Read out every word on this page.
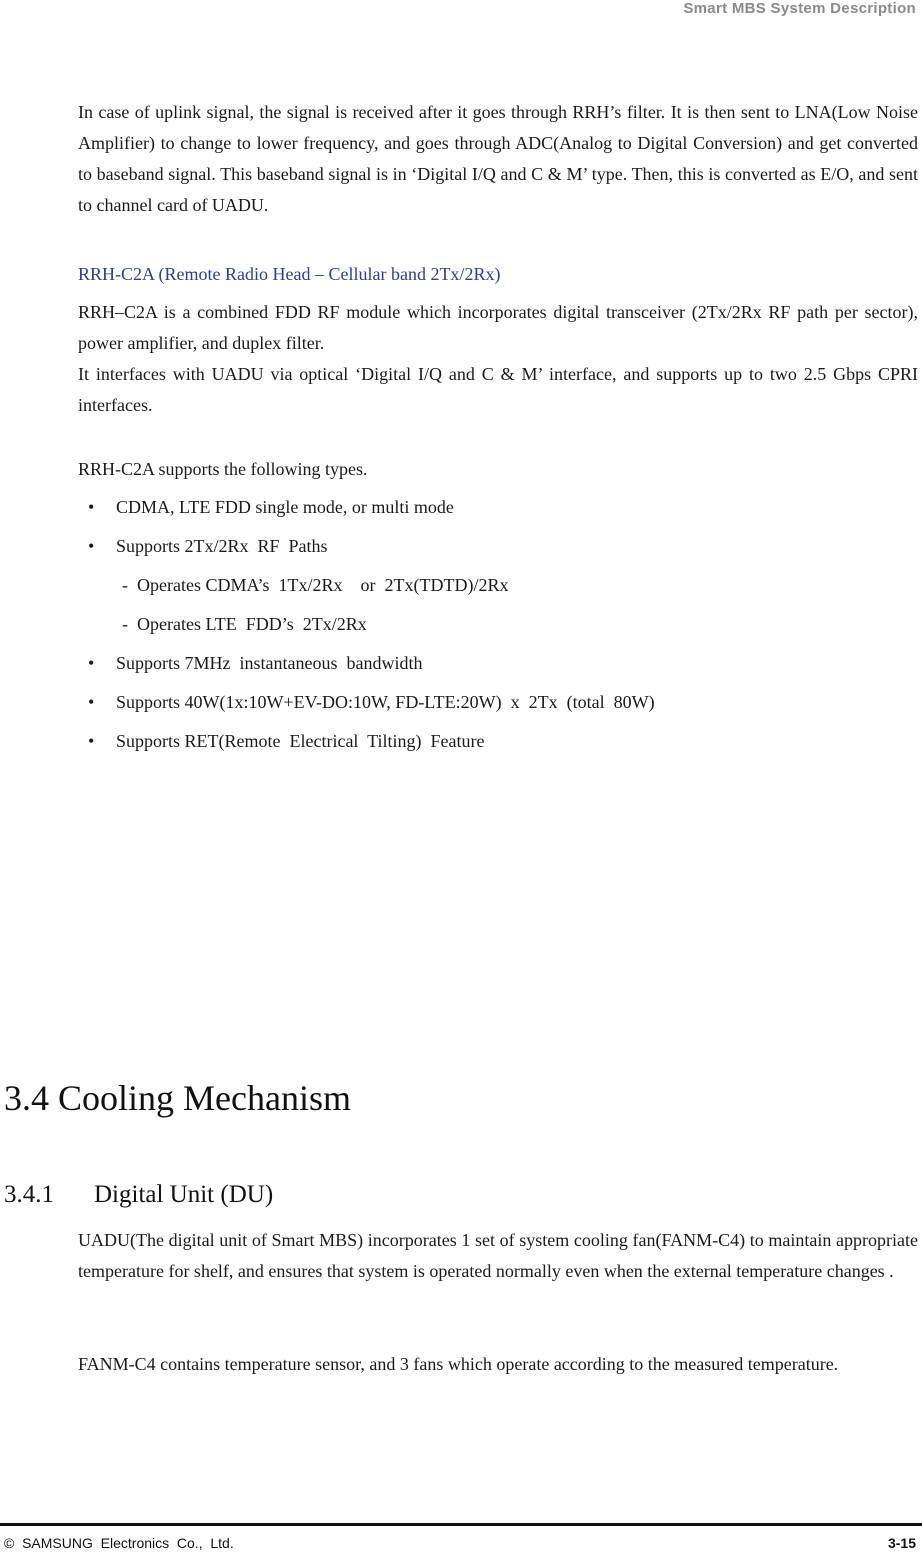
Smart MBS System Description
In case of uplink signal, the signal is received after it goes through RRH’s filter. It is then sent to LNA(Low Noise Amplifier) to change to lower frequency, and goes through ADC(Analog to Digital Conversion) and get converted to baseband signal. This baseband signal is in ‘Digital I/Q and C & M’ type. Then, this is converted as E/O, and sent to channel card of UADU.
RRH-C2A (Remote Radio Head – Cellular band 2Tx/2Rx)
RRH–C2A is a combined FDD RF module which incorporates digital transceiver (2Tx/2Rx RF path per sector), power amplifier, and duplex filter.
It interfaces with UADU via optical ‘Digital I/Q and C & M’ interface, and supports up to two 2.5 Gbps CPRI interfaces.
RRH-C2A supports the following types.

•

CDMA, LTE FDD single mode, or multi mode

•

Supports 2Tx/2Rx  RF  Paths

-  Operates CDMA’s  1Tx/2Rx    or  2Tx(TDTD)/2Rx

-  Operates LTE  FDD’s  2Tx/2Rx

•

Supports 7MHz  instantaneous  bandwidth

•

Supports 40W(1x:10W+EV-DO:10W, FD-LTE:20W)  x  2Tx  (total  80W)

•

Supports RET(Remote  Electrical  Tilting)  Feature

3.4 Cooling Mechanism
3.4.1 Digital Unit (DU)
UADU(The digital unit of Smart MBS) incorporates 1 set of system cooling fan(FANM-C4) to maintain appropriate temperature for shelf, and ensures that system is operated normally even when the external temperature changes .
FANM-C4 contains temperature sensor, and 3 fans which operate according to the measured temperature.
©  SAMSUNG  Electronics  Co.,  Ltd.	3-15
